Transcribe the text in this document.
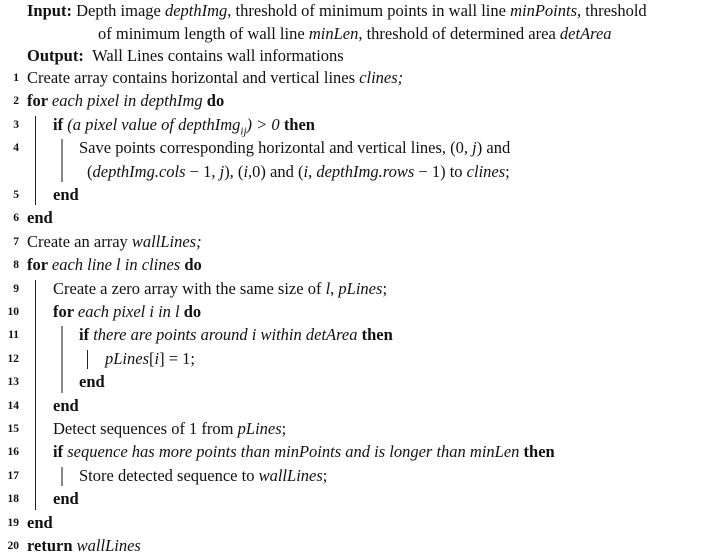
Input: Depth image depthImg, threshold of minimum points in wall line minPoints, threshold
of minimum length of wall line minLen, threshold of determined area detArea
Output: Wall Lines contains wall informations
1 Create array contains horizontal and vertical lines clines;
2 for each pixel in depthImg do
3 if (a pixel value of depthImg$_{ij}$) > 0 then
4	Save points corresponding horizontal and vertical lines, (0, j) and
(depthImg.cols − 1, j), (i,0) and (i, depthImg.rows − 1) to clines;
5 end
6 end
7 Create an array wallLines;
8 for each line l in clines do
9 Create a zero array with the same size of l, pLines;
10 for each pixel i in l do
11	if there are points around i within detArea then
12	pLines[i] = 1;
13	end
14 end
15 Detect sequences of 1 from pLines;
16 if sequence has more points than minPoints and is longer than minLen then
17	Store detected sequence to wallLines;
18 end
19 end
20 return wallLines
